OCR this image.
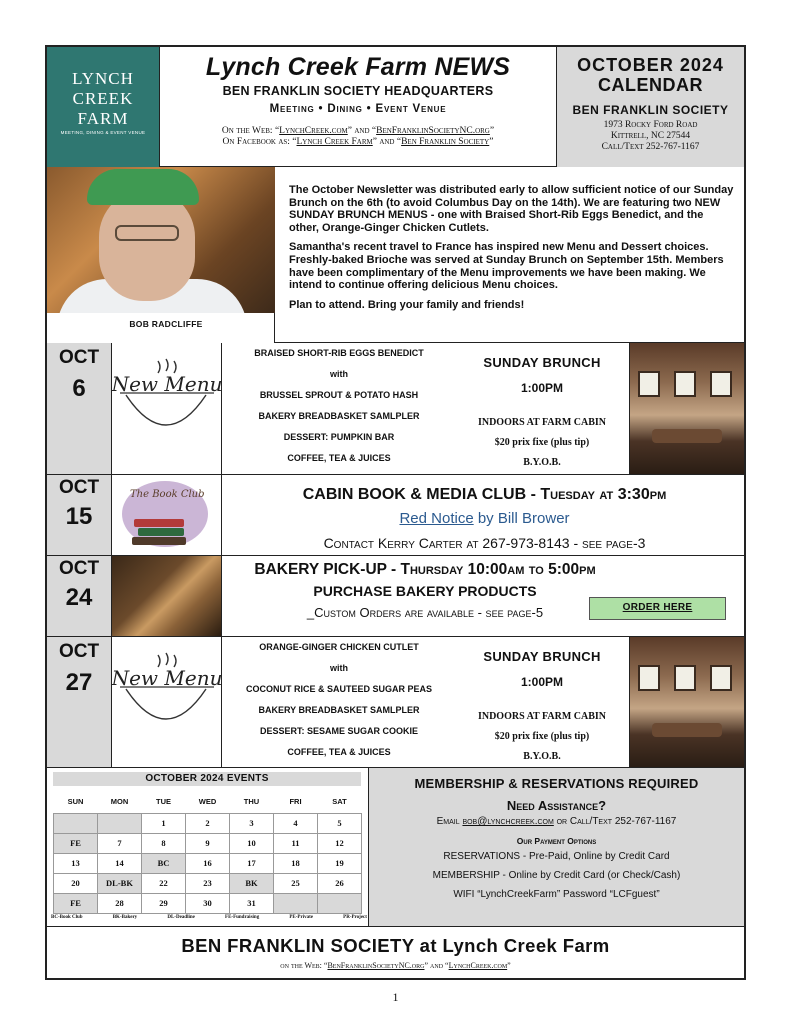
LYNCH
CREEK
FARM
MEETING, DINING & EVENT VENUE
Lynch Creek Farm NEWS
BEN FRANKLIN SOCIETY HEADQUARTERS
Meeting • Dining • Event Venue
On the Web: “LynchCreek.com” and “BenFranklinSocietyNC.org”
On Facebook as: “Lynch Creek Farm” and “Ben Franklin Society”
OCTOBER 2024
CALENDAR
BEN FRANKLIN SOCIETY
1973 Rocky Ford Road
Kittrell, NC 27544
Call/Text 252-767-1167
BOB RADCLIFFE

The October Newsletter was distributed early to allow sufficient notice of our Sunday Brunch on the 6th (to avoid Columbus Day on the 14th). We are featuring two NEW SUNDAY BRUNCH MENUS - one with Braised Short-Rib Eggs Benedict, and the other, Orange-Ginger Chicken Cutlets.

Samantha's recent travel to France has inspired new Menu and Dessert choices. Freshly-baked Brioche was served at Sunday Brunch on September 15th. Members have been complimentary of the Menu improvements we have been making. We intend to continue offering delicious Menu choices.

Plan to attend. Bring your family and friends!

OCT
6	New Menu
BRAISED SHORT-RIB EGGS BENEDICT
with
BRUSSEL SPROUT & POTATO HASH
BAKERY BREADBASKET SAMLPLER
DESSERT: PUMPKIN BAR
COFFEE, TEA & JUICES
SUNDAY BRUNCH
1:00PM
INDOORS AT FARM CABIN
$20 prix fixe (plus tip)
B.Y.O.B.
OCT
15
The Book Club	CABIN BOOK & MEDIA CLUB - Tuesday at 3:30pm
Red Notice by Bill Brower
Contact Kerry Carter at 267-973-8143 - see page-3
OCT
24
BAKERY PICK-UP - Thursday 10:00am to 5:00pm
PURCHASE BAKERY PRODUCTS
_Custom Orders are available - see page-5	ORDER HERE
OCT
27 New Menu
ORANGE-GINGER CHICKEN CUTLET
with
COCONUT RICE & SAUTEED SUGAR PEAS
BAKERY BREADBASKET SAMLPLER
DESSERT: SESAME SUGAR COOKIE
COFFEE, TEA & JUICES
SUNDAY BRUNCH
1:00PM
INDOORS AT FARM CABIN
$20 prix fixe (plus tip)
B.Y.O.B.
OCTOBER 2024 EVENTS
SUN	MON	TUE	WED	THU	FRI	SAT
		1	2	3	4	5
FE	7	8	9	10	11	12
13	14	BC	16	17	18	19
20	DL-BK	22	23	BK	25	26
FE	28	29	30	31		
BC-Book Club	BK-Bakery	DL-Deadline	FE-Fundraising	PE-Private	PR-Project
MEMBERSHIP & RESERVATIONS REQUIRED
Need Assistance?
Email bob@lynchcreek.com or Call/Text 252-767-1167
Our Payment Options
RESERVATIONS - Pre-Paid, Online by Credit Card
MEMBERSHIP - Online by Credit Card (or Check/Cash)
WIFI “LynchCreekFarm” Password “LCFguest”
BEN FRANKLIN SOCIETY at Lynch Creek Farm
on the Web: “BenFranklinSocietyNC.org” and “LynchCreek.com”
1
